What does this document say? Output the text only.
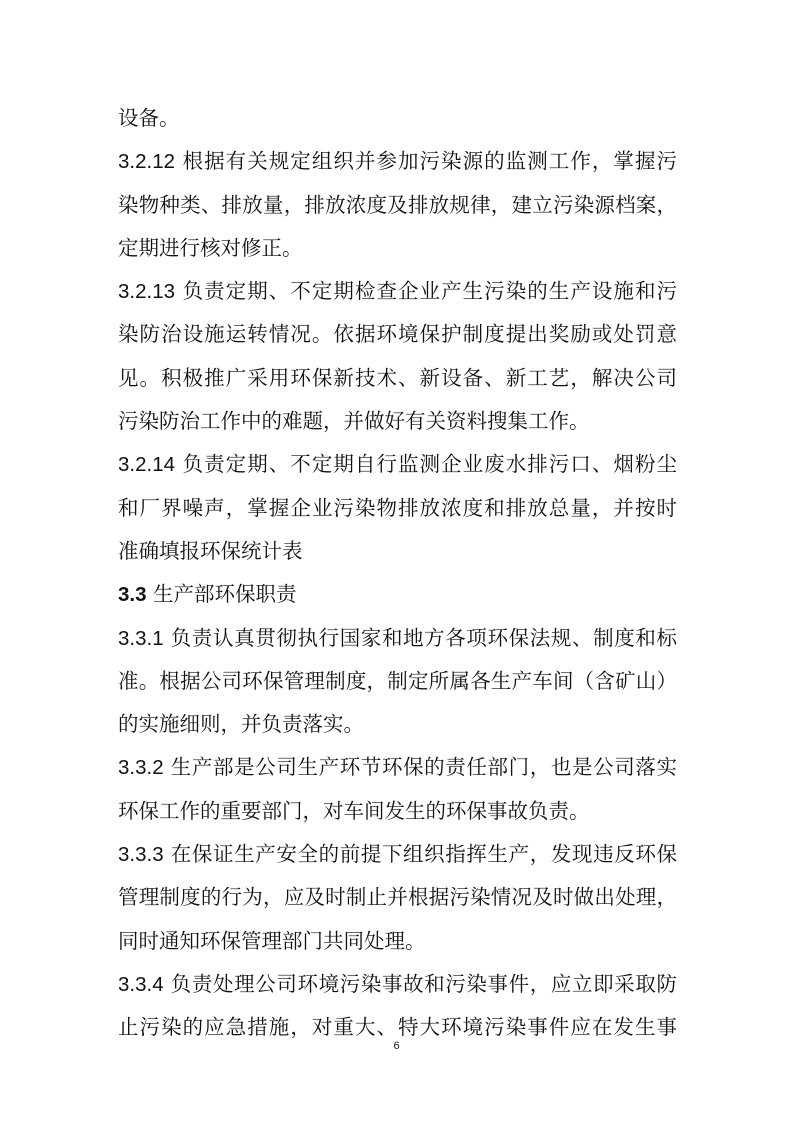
设备。
3.2.12 根据有关规定组织并参加污染源的监测工作，掌握污
染物种类、排放量，排放浓度及排放规律，建立污染源档案，
定期进行核对修正。
3.2.13 负责定期、不定期检查企业产生污染的生产设施和污
染防治设施运转情况。依据环境保护制度提出奖励或处罚意
见。积极推广采用环保新技术、新设备、新工艺，解决公司
污染防治工作中的难题，并做好有关资料搜集工作。
3.2.14 负责定期、不定期自行监测企业废水排污口、烟粉尘
和厂界噪声，掌握企业污染物排放浓度和排放总量，并按时
准确填报环保统计表
3.3 生产部环保职责
3.3.1 负责认真贯彻执行国家和地方各项环保法规、制度和标
准。根据公司环保管理制度，制定所属各生产车间（含矿山）
的实施细则，并负责落实。
3.3.2 生产部是公司生产环节环保的责任部门，也是公司落实
环保工作的重要部门，对车间发生的环保事故负责。
3.3.3 在保证生产安全的前提下组织指挥生产，发现违反环保
管理制度的行为，应及时制止并根据污染情况及时做出处理，
同时通知环保管理部门共同处理。
3.3.4 负责处理公司环境污染事故和污染事件，应立即采取防
止污染的应急措施，对重大、特大环境污染事件应在发生事
6
